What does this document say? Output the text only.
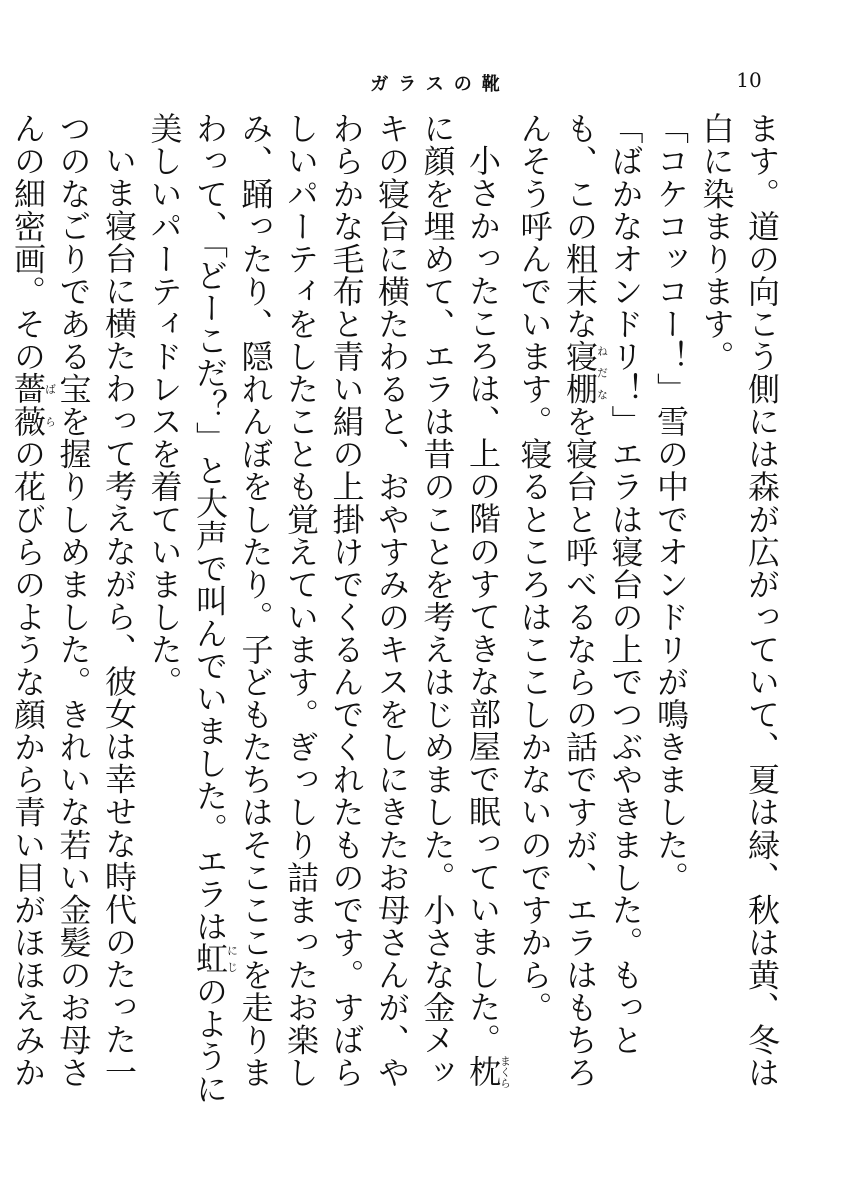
ガラスの靴	10

ます。道の向こう側には森が広がっていて、夏は緑、秋は黄、冬は白に染まります。

「コケコッコー！」雪の中でオンドリが鳴きました。

「ばかなオンドリ！」エラは寝台の上でつぶやきました。もっとも、この粗末な寝棚ねだなを寝台と呼べるならの話ですが、エラはもちろんそう呼んでいます。寝るところはここしかないのですから。

小さかったころは、上の階のすてきな部屋で眠っていました。枕まくらに顔を埋めて、エラは昔のことを考えはじめました。小さな金メッキの寝台に横たわると、おやすみのキスをしにきたお母さんが、やわらかな毛布と青い絹の上掛けでくるんでくれたものです。すばらしいパーティをしたことも覚えています。ぎっしり詰まったお楽しみ、踊ったり、隠れんぼをしたり。子どもたちはそこここを走りまわって、「どーこだ？」と大声で叫んでいました。エラは虹にじのように美しいパーティドレスを着ていました。

いま寝台に横たわって考えながら、彼女は幸せな時代のたった一つのなごりである宝を握りしめました。きれいな若い金髪のお母さんの細密画。その薔ば薇らの花びらのような顔から青い目がほほえみか
